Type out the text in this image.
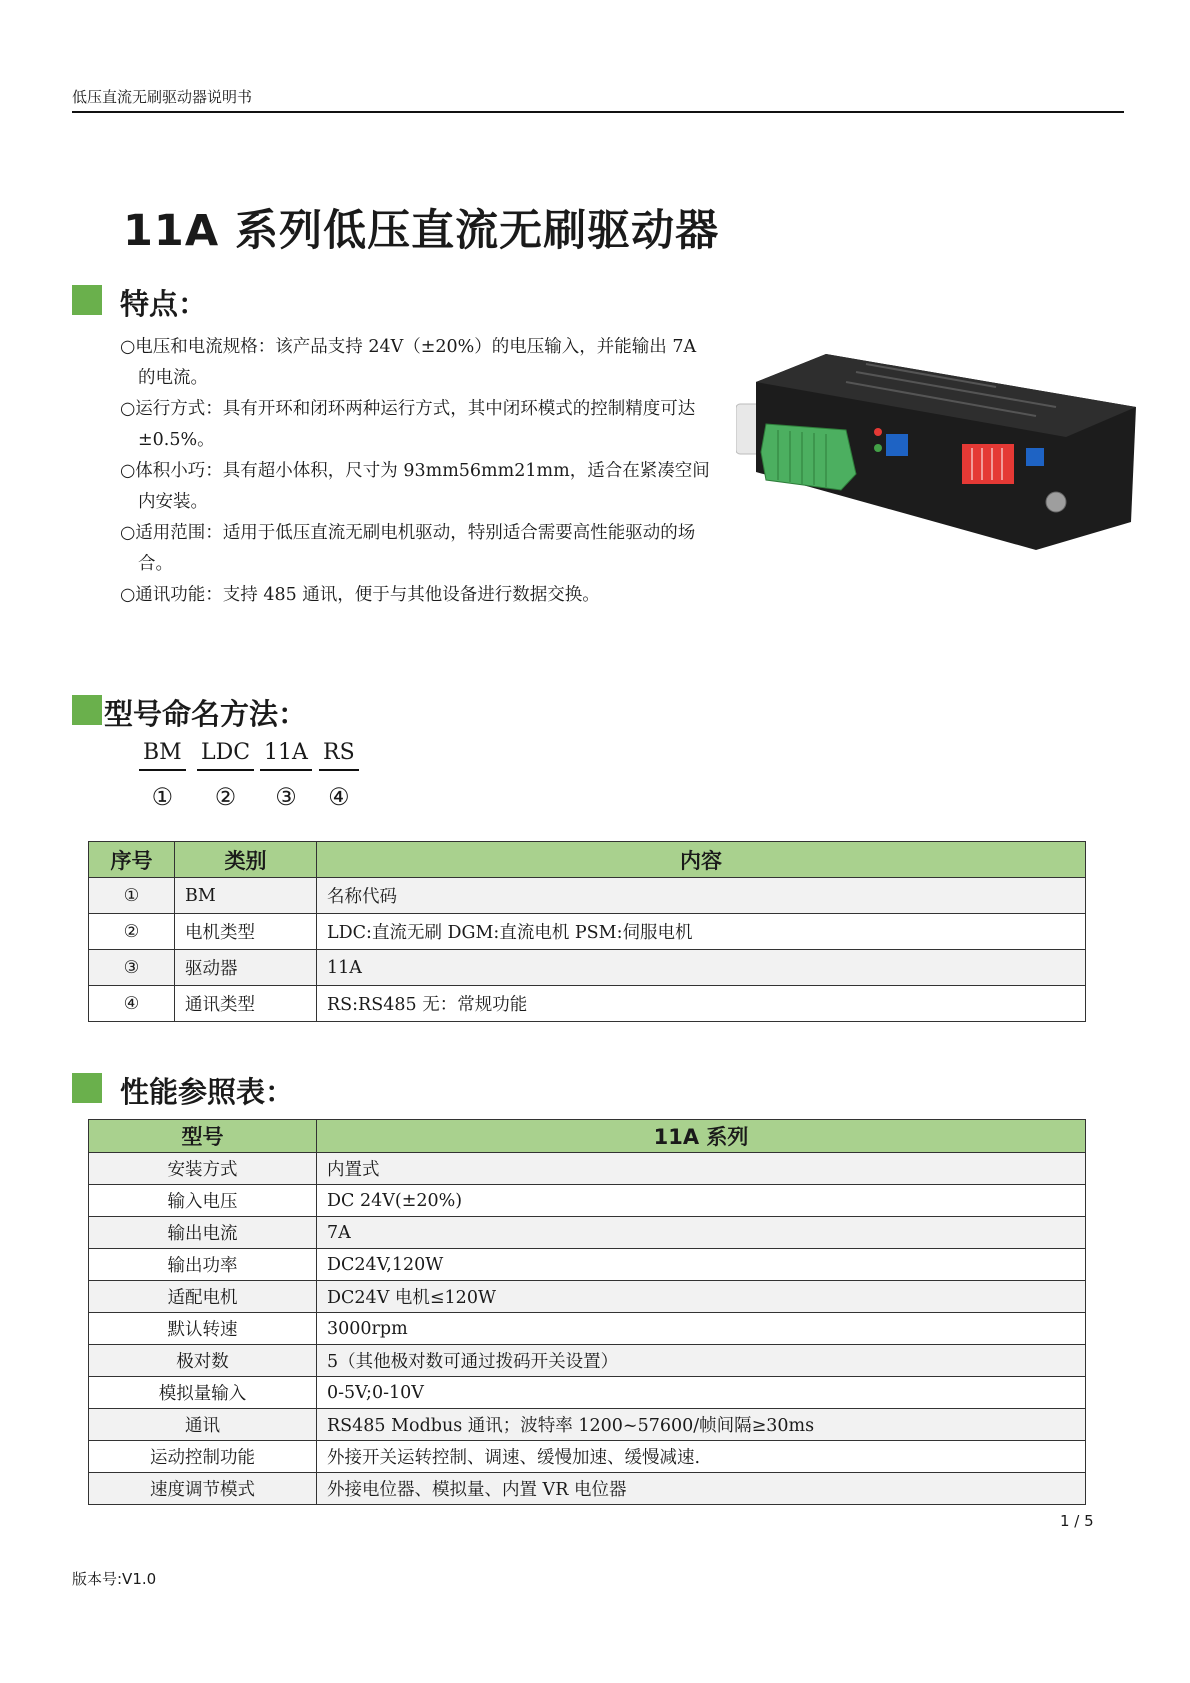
低压直流无刷驱动器说明书
11A 系列低压直流无刷驱动器
特点：

○电压和电流规格：该产品支持 24V（±20%）的电压输入，并能输出 7A 的电流。

○运行方式：具有开环和闭环两种运行方式，其中闭环模式的控制精度可达±0.5%。

○体积小巧：具有超小体积，尺寸为 93mm56mm21mm，适合在紧凑空间内安装。

○适用范围：适用于低压直流无刷电机驱动，特别适合需要高性能驱动的场合。

○通讯功能：支持 485 通讯，便于与其他设备进行数据交换。

型号命名方法：
BM
①
LDC
②
11A
③
RS
④
序号	类别	内容
①	BM	名称代码
②	电机类型	LDC:直流无刷 DGM:直流电机 PSM:伺服电机
③	驱动器	11A
④	通讯类型	RS:RS485 无：常规功能
性能参照表：
型号	11A 系列
安装方式	内置式
输入电压	DC 24V(±20%)
输出电流	7A
输出功率	DC24V,120W
适配电机	DC24V 电机≤120W
默认转速	3000rpm
极对数	5（其他极对数可通过拨码开关设置）
模拟量输入	0-5V;0-10V
通讯	RS485 Modbus 通讯；波特率 1200~57600/帧间隔≥30ms
运动控制功能	外接开关运转控制、调速、缓慢加速、缓慢减速.
速度调节模式	外接电位器、模拟量、内置 VR 电位器
1 / 5
版本号:V1.0
